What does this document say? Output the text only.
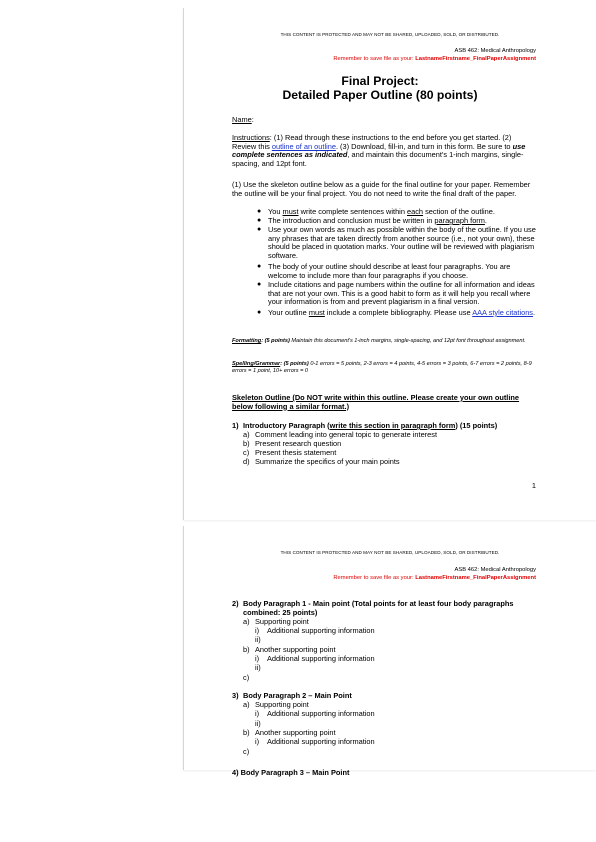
THIS CONTENT IS PROTECTED AND MAY NOT BE SHARED, UPLOADED, SOLD, OR DISTRIBUTED.
ASB 462: Medical Anthropology
Remember to save file as your: LastnameFirstname_FinalPaperAssignment
Final Project:
Detailed Paper Outline (80 points)
Name:
Instructions: (1) Read through these instructions to the end before you get started. (2) Review this outline of an outline. (3) Download, fill-in, and turn in this form. Be sure to use complete sentences as indicated, and maintain this document's 1-inch margins, single-spacing, and 12pt font.
(1) Use the skeleton outline below as a guide for the final outline for your paper. Remember the outline will be your final project. You do not need to write the final draft of the paper.
● You must write complete sentences within each section of the outline.
● The introduction and conclusion must be written in paragraph form.
● Use your own words as much as possible within the body of the outline. If you use any phrases that are taken directly from another source (i.e., not your own), these should be placed in quotation marks. Your outline will be reviewed with plagiarism software.
● The body of your outline should describe at least four paragraphs. You are welcome to include more than four paragraphs if you choose.
● Include citations and page numbers within the outline for all information and ideas that are not your own. This is a good habit to form as it will help you recall where your information is from and prevent plagiarism in a final version.
● Your outline must include a complete bibliography. Please use AAA style citations.
Formatting: (5 points) Maintain this document's 1-inch margins, single-spacing, and 12pt font throughout assignment.
Spelling/Grammar: (5 points) 0-1 errors = 5 points, 2-3 errors = 4 points, 4-5 errors = 3 points, 6-7 errors = 2 points, 8-9 errors = 1 point, 10+ errors = 0
Skeleton Outline (Do NOT write within this outline. Please create your own outline below following a similar format.)
1) Introductory Paragraph (write this section in paragraph form) (15 points)
a) Comment leading into general topic to generate interest
b) Present research question
c) Present thesis statement
d) Summarize the specifics of your main points
1
THIS CONTENT IS PROTECTED AND MAY NOT BE SHARED, UPLOADED, SOLD, OR DISTRIBUTED.
ASB 462: Medical Anthropology
Remember to save file as your: LastnameFirstname_FinalPaperAssignment
2) Body Paragraph 1 - Main point (Total points for at least four body paragraphs combined: 25 points)
a) Supporting point
i) Additional supporting information
ii)
b) Another supporting point
i) Additional supporting information
ii)
c)
3) Body Paragraph 2 – Main Point
a) Supporting point
i) Additional supporting information
ii)
b) Another supporting point
i) Additional supporting information
c)
4) Body Paragraph 3 – Main Point
